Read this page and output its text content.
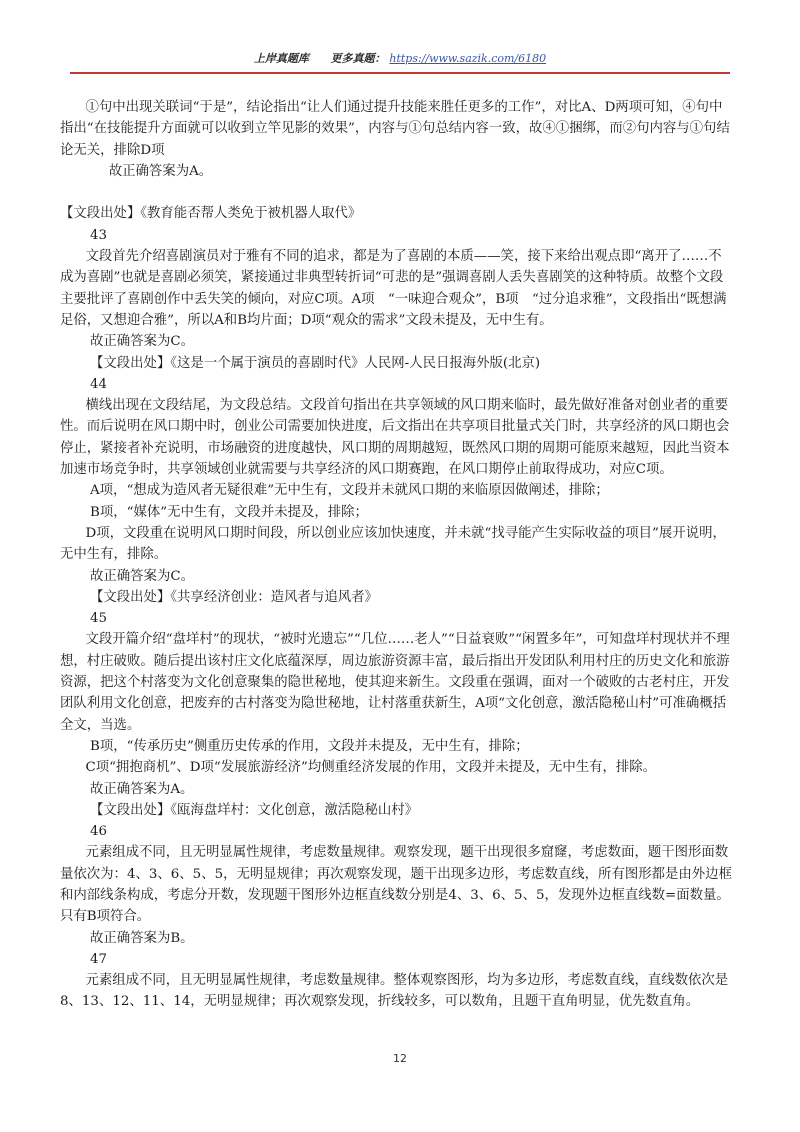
上岸真题库 更多真题： https://www.sazik.com/6180

①句中出现关联词“于是”，结论指出“让人们通过提升技能来胜任更多的工作”，对比A、D两项可知，④句中指出“在技能提升方面就可以收到立竿见影的效果”，内容与①句总结内容一致，故④①捆绑，而②句内容与①句结论无关，排除D项

故正确答案为A。

【文段出处】《教育能否帮人类免于被机器人取代》

43

文段首先介绍喜剧演员对于雅有不同的追求，都是为了喜剧的本质——笑，接下来给出观点即“离开了……不成为喜剧”也就是喜剧必须笑，紧接通过非典型转折词“可悲的是”强调喜剧人丢失喜剧笑的这种特质。故整个文段主要批评了喜剧创作中丢失笑的倾向，对应C项。A项　“一味迎合观众”，B项　“过分追求雅”，文段指出“既想满足俗，又想迎合雅”，所以A和B均片面；D项“观众的需求”文段未提及，无中生有。

故正确答案为C。

【文段出处】《这是一个属于演员的喜剧时代》人民网-人民日报海外版(北京)

44

横线出现在文段结尾，为文段总结。文段首句指出在共享领域的风口期来临时，最先做好准备对创业者的重要性。而后说明在风口期中时，创业公司需要加快进度，后文指出在共享项目批量式关门时，共享经济的风口期也会停止，紧接者补充说明，市场融资的进度越快，风口期的周期越短，既然风口期的周期可能原来越短，因此当资本加速市场竞争时，共享领域创业就需要与共享经济的风口期赛跑，在风口期停止前取得成功，对应C项。

A项，“想成为造风者无疑很难”无中生有，文段并未就风口期的来临原因做阐述，排除；

B项，“媒体”无中生有，文段并未提及，排除；

D项，文段重在说明风口期时间段，所以创业应该加快速度，并未就“找寻能产生实际收益的项目”展开说明，无中生有，排除。

故正确答案为C。

【文段出处】《共享经济创业：造风者与追风者》

45

文段开篇介绍“盘垟村”的现状，“被时光遗忘”“几位……老人”“日益衰败”“闲置多年”，可知盘垟村现状并不理想，村庄破败。随后提出该村庄文化底蕴深厚，周边旅游资源丰富，最后指出开发团队利用村庄的历史文化和旅游资源，把这个村落变为文化创意聚集的隐世秘地，使其迎来新生。文段重在强调，面对一个破败的古老村庄，开发团队利用文化创意，把废弃的古村落变为隐世秘地，让村落重获新生，A项“文化创意，激活隐秘山村”可准确概括全文，当选。

B项，“传承历史”侧重历史传承的作用，文段并未提及，无中生有，排除；

C项“拥抱商机”、D项“发展旅游经济”均侧重经济发展的作用，文段并未提及，无中生有，排除。

故正确答案为A。

【文段出处】《瓯海盘垟村：文化创意，激活隐秘山村》

46

元素组成不同，且无明显属性规律，考虑数量规律。观察发现，题干出现很多窟窿，考虑数面，题干图形面数量依次为：4、3、6、5、5，无明显规律；再次观察发现，题干出现多边形，考虑数直线，所有图形都是由外边框和内部线条构成，考虑分开数，发现题干图形外边框直线数分别是4、3、6、5、5，发现外边框直线数=面数量。只有B项符合。

故正确答案为B。

47

元素组成不同，且无明显属性规律，考虑数量规律。整体观察图形，均为多边形，考虑数直线，直线数依次是8、13、12、11、14，无明显规律；再次观察发现，折线较多，可以数角，且题干直角明显，优先数直角。

12
